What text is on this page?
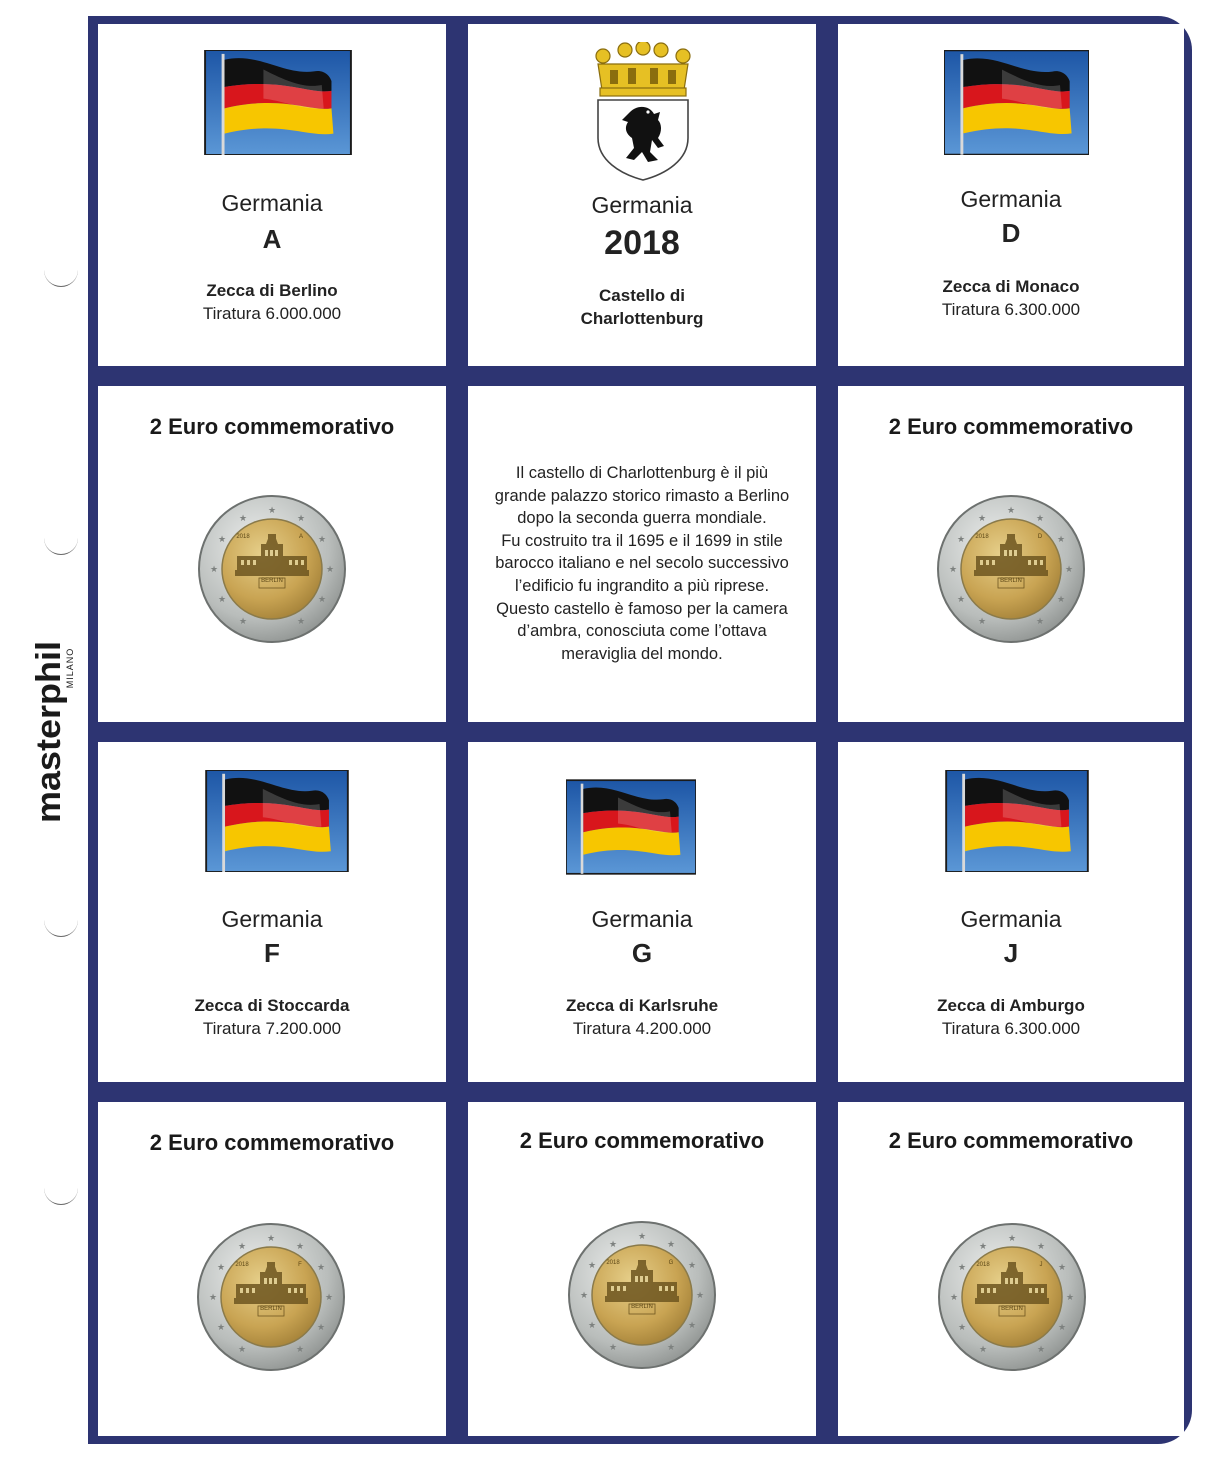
Germania
A
Zecca di Berlino
Tiratura 6.000.000
Germania
2018
Castello di
Charlottenburg
Germania
D
Zecca di Monaco
Tiratura 6.300.000
2 Euro commemorativo
BERLIN
2018	A
Il castello di Charlottenburg è il più
grande palazzo storico rimasto a Berlino
dopo la seconda guerra mondiale.
Fu costruito tra il 1695 e il 1699 in stile
barocco italiano e nel secolo successivo
l’edificio fu ingrandito a più riprese.
Questo castello è famoso per la camera
d’ambra, conosciuta come l’ottava
meraviglia del mondo.
2 Euro commemorativo
BERLIN
2018	D
Germania
F
Zecca di Stoccarda
Tiratura 7.200.000
Germania
G
Zecca di Karlsruhe
Tiratura 4.200.000
Germania
J
Zecca di Amburgo
Tiratura 6.300.000
2 Euro commemorativo
BERLIN
2018	F
2 Euro commemorativo
BERLIN
2018	G
2 Euro commemorativo
BERLIN
2018	J
masterphil
MILANO
